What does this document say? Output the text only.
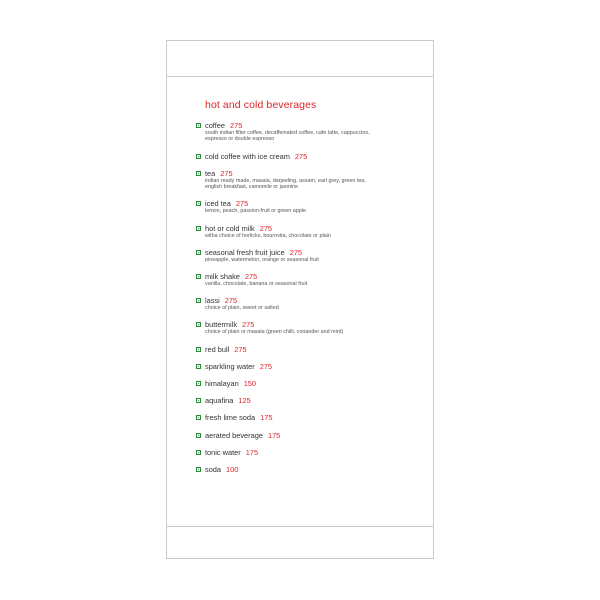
hot and cold beverages
coffee 275
south indian filter coffee, decaffeinated coffee, cafe latte, cappuccino,
espresso or double espresso
cold coffee with ice cream 275
tea 275
indian ready made, masala, darjeeling, assam, earl grey, green tea,
english breakfast, camomile or jasmine
iced tea 275
lemon, peach, passion-fruit or green apple
hot or cold milk 275
witha choice of horlicks, bournvita, chocolate or plain
seasonal fresh fruit juice 275
pineapple, watermelon, orange or seasonal fruit
milk shake 275
vanilla, chocolate, banana or seasonal fruit
lassi 275
choice of plain, sweet or salted
buttermilk 275
choice of plain or masala (green chilli, coriander and mint)
red bull 275
sparkling water 275
himalayan 150
aquafina 125
fresh lime soda 175
aerated beverage 175
tonic water 175
soda 100
